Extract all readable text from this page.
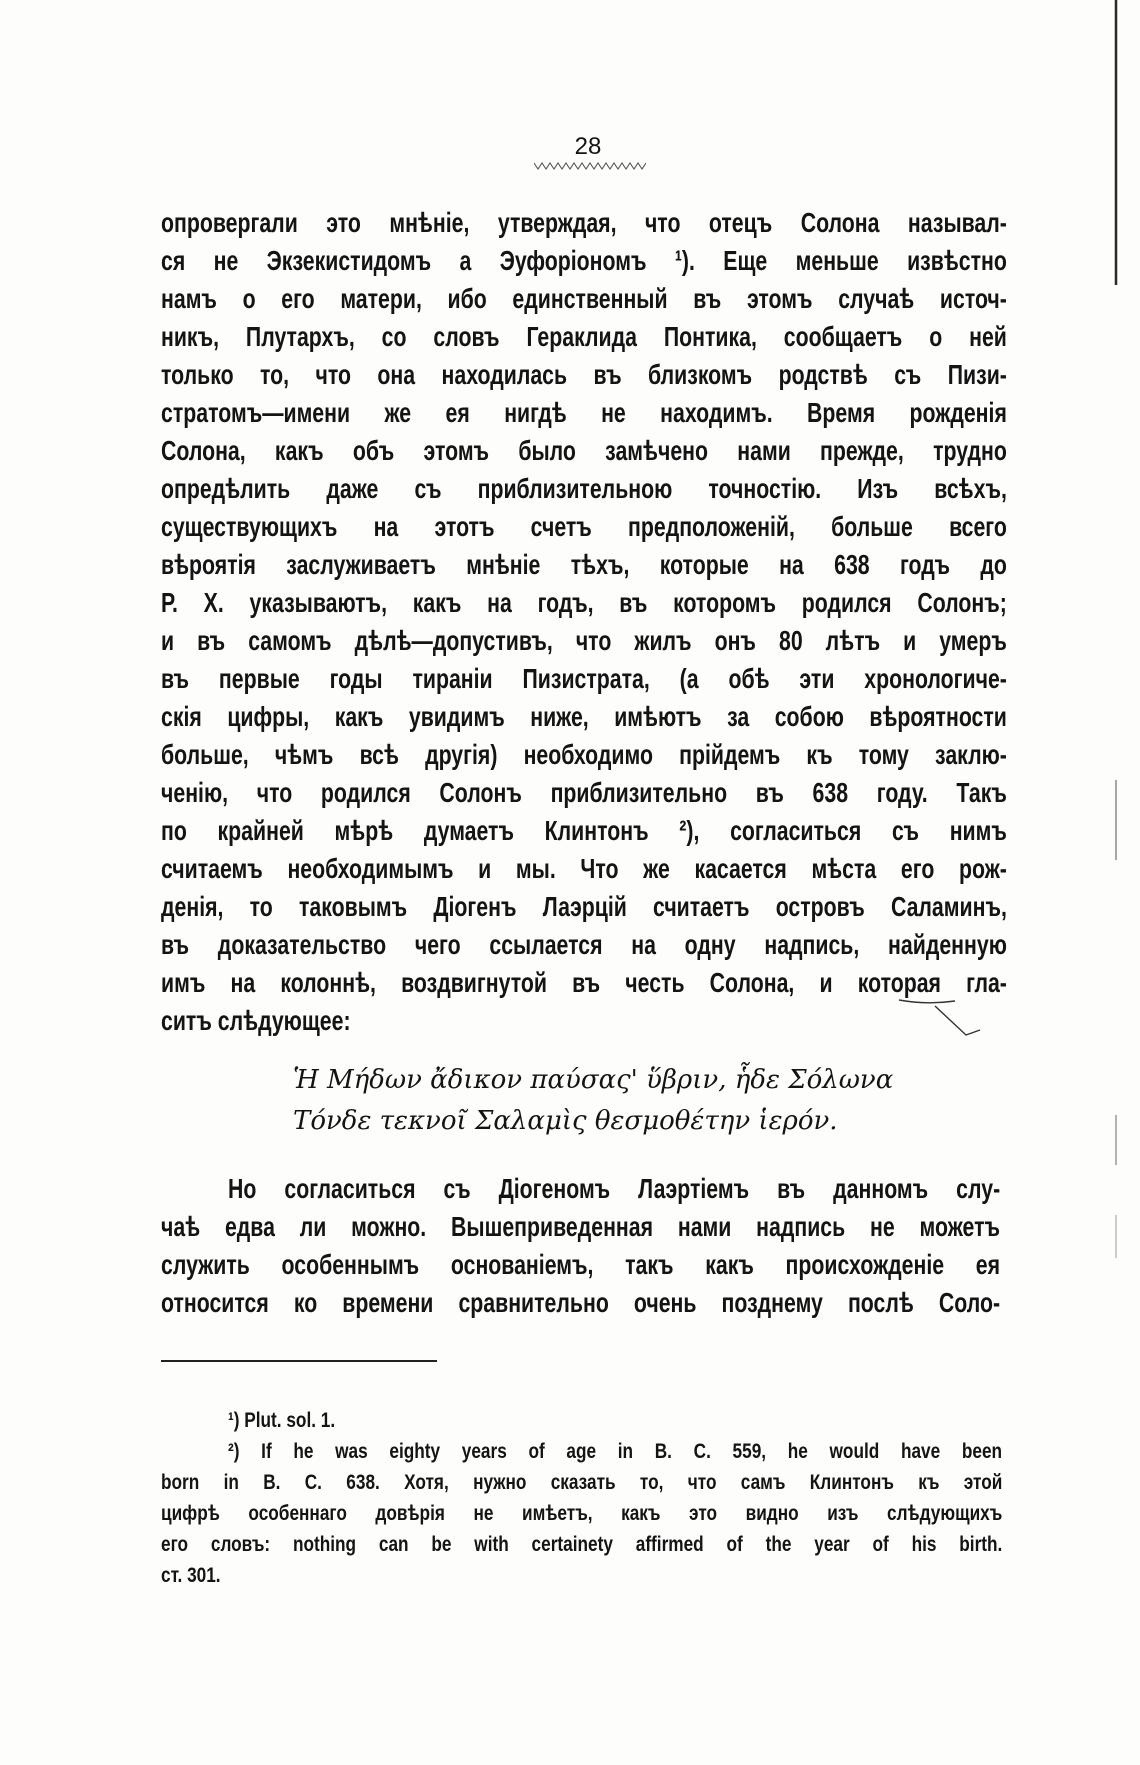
28
опровергали это мнѣніе, утверждая, что отецъ Солона называл-
ся не Экзекистидомъ а Эуфоріономъ ¹). Еще меньше извѣстно
намъ о его матери, ибо единственный въ этомъ случаѣ источ-
никъ, Плутархъ, со словъ Гераклида Понтика, сообщаетъ о ней
только то, что она находилась въ близкомъ родствѣ съ Пизи-
стратомъ—имени же ея нигдѣ не находимъ. Время рожденія
Солона, какъ объ этомъ было замѣчено нами прежде, трудно
опредѣлить даже съ приблизительною точностію. Изъ всѣхъ,
существующихъ на этотъ счетъ предположеній, больше всего
вѣроятія заслуживаетъ мнѣніе тѣхъ, которые на 638 годъ до
Р. Х. указываютъ, какъ на годъ, въ которомъ родился Солонъ;
и въ самомъ дѣлѣ—допустивъ, что жилъ онъ 80 лѣтъ и умеръ
въ первые годы тираніи Пизистрата, (а обѣ эти хронологиче-
скія цифры, какъ увидимъ ниже, имѣютъ за собою вѣроятности
больше, чѣмъ всѣ другія) необходимо прійдемъ къ тому заклю-
ченію, что родился Солонъ приблизительно въ 638 году. Такъ
по крайней мѣрѣ думаетъ Клинтонъ ²), согласиться съ нимъ
считаемъ необходимымъ и мы. Что же касается мѣста его рож-
денія, то таковымъ Діогенъ Лаэрцій считаетъ островъ Саламинъ,
въ доказательство чего ссылается на одну надпись, найденную
имъ на колоннѣ, воздвигнутой въ честь Солона, и которая гла-
ситъ слѣдующее:
Ἡ Μήδων ἄδικον παύσας' ὕβριν, ἧδε Σόλωνα
Τόνδε τεκνοῖ Σαλαμὶς θεσμοθέτην ἱερόν.
Но согласиться съ Діогеномъ Лаэртіемъ въ данномъ слу-
чаѣ едва ли можно. Вышеприведенная нами надпись не можетъ
служить особеннымъ основаніемъ, такъ какъ происхожденіе ея
относится ко времени сравнительно очень позднему послѣ Соло-
¹) Plut. sol. 1.
²) If he was eighty years of age in B. C. 559, he would have been
born in B. C. 638. Хотя, нужно сказать то, что самъ Клинтонъ къ этой
цифрѣ особеннаго довѣрія не имѣетъ, какъ это видно изъ слѣдующихъ
его словъ: nothing can be with certainety affirmed of the year of his birth.
ст. 301.
